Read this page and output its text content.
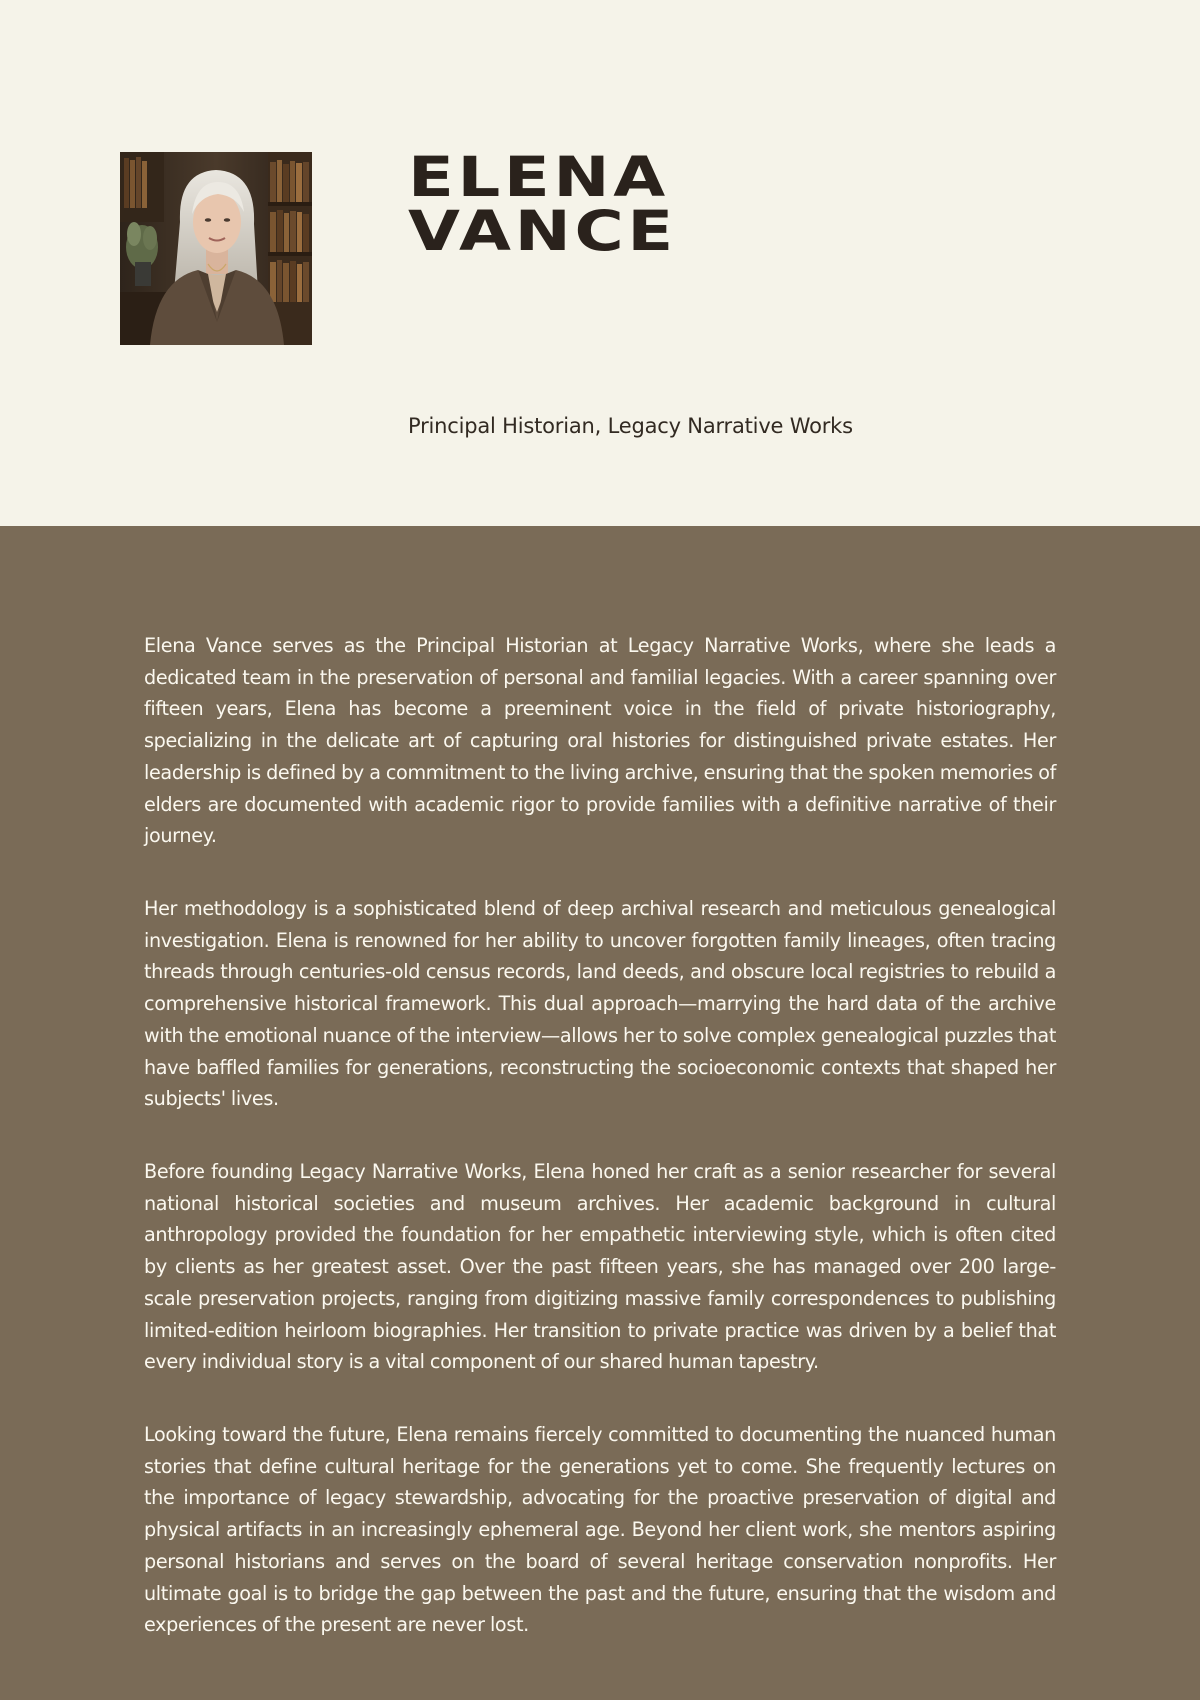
ELENA
VANCE

Principal Historian, Legacy Narrative Works

Elena Vance serves as the Principal Historian at Legacy Narrative Works, where she leads a dedicated team in the preservation of personal and familial legacies. With a career spanning over fifteen years, Elena has become a preeminent voice in the field of private historiography, specializing in the delicate art of capturing oral histories for distinguished private estates. Her leadership is defined by a commitment to the living archive, ensuring that the spoken memories of elders are documented with academic rigor to provide families with a definitive narrative of their journey.

Her methodology is a sophisticated blend of deep archival research and meticulous genealogical investigation. Elena is renowned for her ability to uncover forgotten family lineages, often tracing threads through centuries-old census records, land deeds, and obscure local registries to rebuild a comprehensive historical framework. This dual approach—marrying the hard data of the archive with the emotional nuance of the interview—allows her to solve complex genealogical puzzles that have baffled families for generations, reconstructing the socioeconomic contexts that shaped her subjects' lives.

Before founding Legacy Narrative Works, Elena honed her craft as a senior researcher for several national historical societies and museum archives. Her academic background in cultural anthropology provided the foundation for her empathetic interviewing style, which is often cited by clients as her greatest asset. Over the past fifteen years, she has managed over 200 large-scale preservation projects, ranging from digitizing massive family correspondences to publishing limited-edition heirloom biographies. Her transition to private practice was driven by a belief that every individual story is a vital component of our shared human tapestry.

Looking toward the future, Elena remains fiercely committed to documenting the nuanced human stories that define cultural heritage for the generations yet to come. She frequently lectures on the importance of legacy stewardship, advocating for the proactive preservation of digital and physical artifacts in an increasingly ephemeral age. Beyond her client work, she mentors aspiring personal historians and serves on the board of several heritage conservation nonprofits. Her ultimate goal is to bridge the gap between the past and the future, ensuring that the wisdom and experiences of the present are never lost.
